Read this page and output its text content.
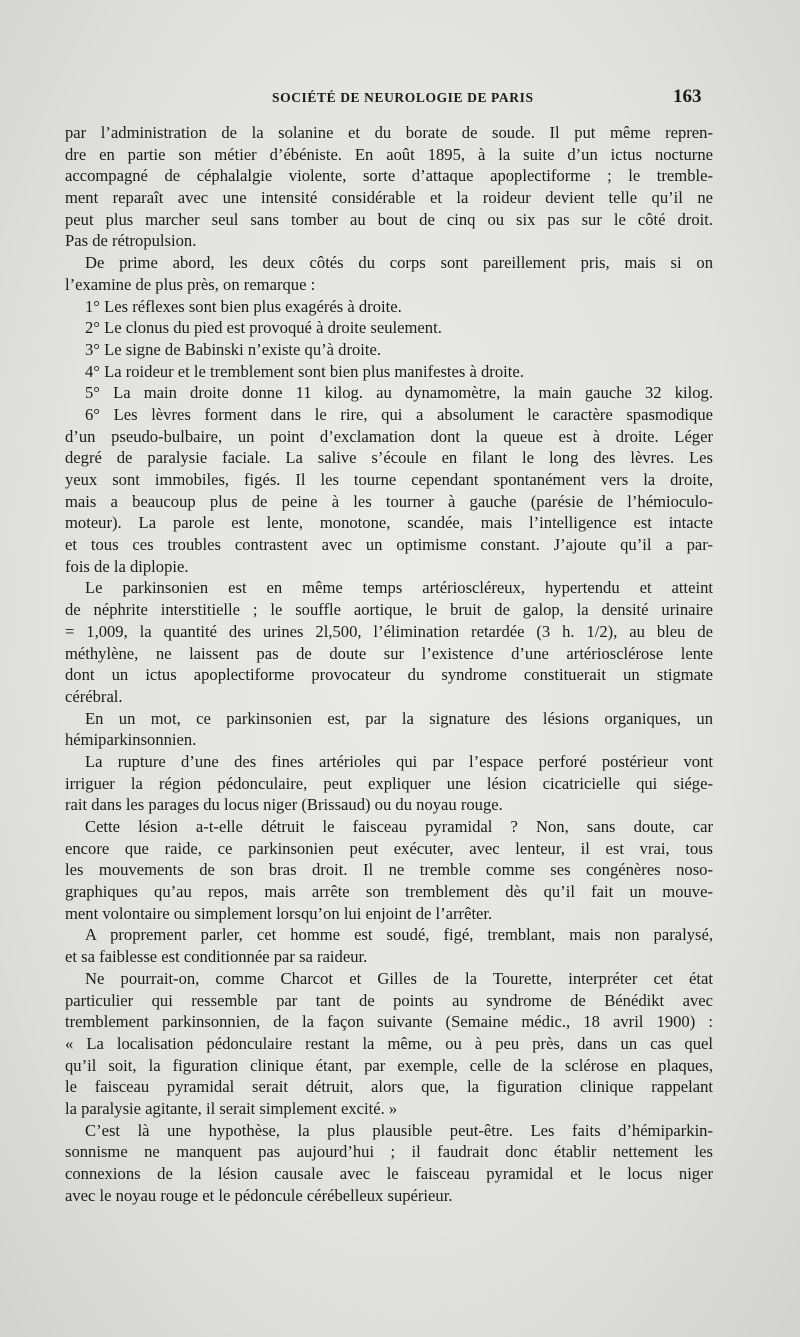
SOCIÉTÉ DE NEUROLOGIE DE PARIS	163
par l’administration de la solanine et du borate de soude. Il put même repren-
dre en partie son métier d’ébéniste. En août 1895, à la suite d’un ictus nocturne
accompagné de céphalalgie violente, sorte d’attaque apoplectiforme ; le tremble-
ment reparaît avec une intensité considérable et la roideur devient telle qu’il ne
peut plus marcher seul sans tomber au bout de cinq ou six pas sur le côté droit.
Pas de rétropulsion.
De prime abord, les deux côtés du corps sont pareillement pris, mais si on
l’examine de plus près, on remarque :
1° Les réflexes sont bien plus exagérés à droite.
2° Le clonus du pied est provoqué à droite seulement.
3° Le signe de Babinski n’existe qu’à droite.
4° La roideur et le tremblement sont bien plus manifestes à droite.
5° La main droite donne 11 kilog. au dynamomètre, la main gauche 32 kilog.
6° Les lèvres forment dans le rire, qui a absolument le caractère spasmodique
d’un pseudo-bulbaire, un point d’exclamation dont la queue est à droite. Léger
degré de paralysie faciale. La salive s’écoule en filant le long des lèvres. Les
yeux sont immobiles, figés. Il les tourne cependant spontanément vers la droite,
mais a beaucoup plus de peine à les tourner à gauche (parésie de l’hémioculo-
moteur). La parole est lente, monotone, scandée, mais l’intelligence est intacte
et tous ces troubles contrastent avec un optimisme constant. J’ajoute qu’il a par-
fois de la diplopie.
Le parkinsonien est en même temps artérioscléreux, hypertendu et atteint
de néphrite interstitielle ; le souffle aortique, le bruit de galop, la densité urinaire
= 1,009, la quantité des urines 2l,500, l’élimination retardée (3 h. 1/2), au bleu de
méthylène, ne laissent pas de doute sur l’existence d’une artériosclérose lente
dont un ictus apoplectiforme provocateur du syndrome constituerait un stigmate
cérébral.
En un mot, ce parkinsonien est, par la signature des lésions organiques, un
hémiparkinsonnien.
La rupture d’une des fines artérioles qui par l’espace perforé postérieur vont
irriguer la région pédonculaire, peut expliquer une lésion cicatricielle qui siége-
rait dans les parages du locus niger (Brissaud) ou du noyau rouge.
Cette lésion a-t-elle détruit le faisceau pyramidal ? Non, sans doute, car
encore que raide, ce parkinsonien peut exécuter, avec lenteur, il est vrai, tous
les mouvements de son bras droit. Il ne tremble comme ses congénères noso-
graphiques qu’au repos, mais arrête son tremblement dès qu’il fait un mouve-
ment volontaire ou simplement lorsqu’on lui enjoint de l’arrêter.
A proprement parler, cet homme est soudé, figé, tremblant, mais non paralysé,
et sa faiblesse est conditionnée par sa raideur.
Ne pourrait-on, comme Charcot et Gilles de la Tourette, interpréter cet état
particulier qui ressemble par tant de points au syndrome de Bénédikt avec
tremblement parkinsonnien, de la façon suivante (Semaine médic., 18 avril 1900) :
« La localisation pédonculaire restant la même, ou à peu près, dans un cas quel
qu’il soit, la figuration clinique étant, par exemple, celle de la sclérose en plaques,
le faisceau pyramidal serait détruit, alors que, la figuration clinique rappelant
la paralysie agitante, il serait simplement excité. »
C’est là une hypothèse, la plus plausible peut-être. Les faits d’hémiparkin-
sonnisme ne manquent pas aujourd’hui ; il faudrait donc établir nettement les
connexions de la lésion causale avec le faisceau pyramidal et le locus niger
avec le noyau rouge et le pédoncule cérébelleux supérieur.
